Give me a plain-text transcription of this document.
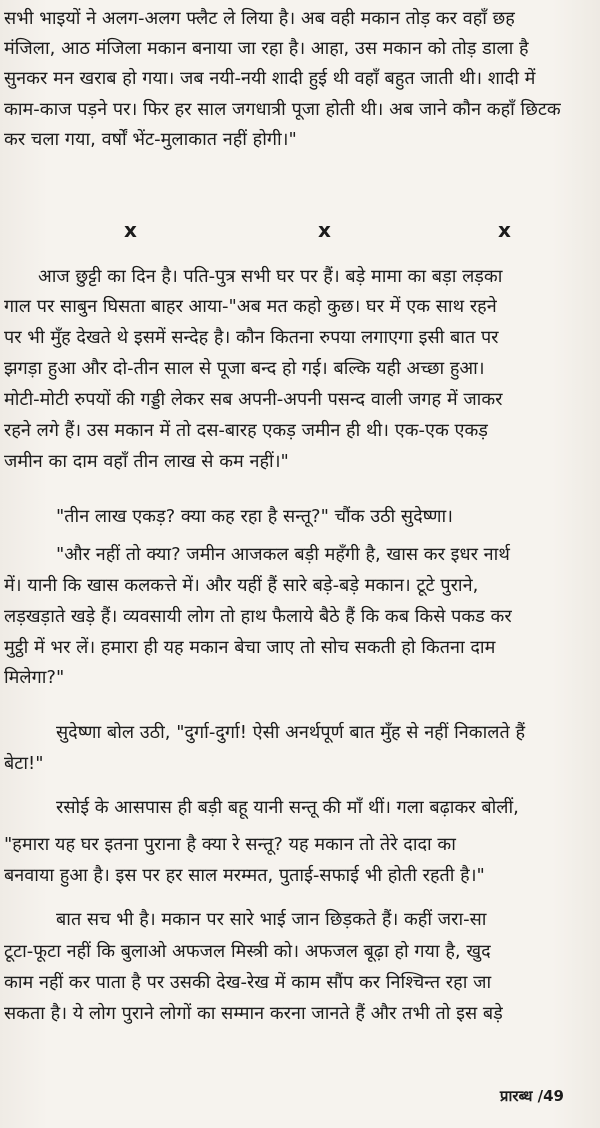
सभी भाइयों ने अलग-अलग फ्लैट ले लिया है। अब वही मकान तोड़ कर वहाँ छह
मंजिला, आठ मंजिला मकान बनाया जा रहा है। आहा, उस मकान को तोड़ डाला है
सुनकर मन खराब हो गया। जब नयी-नयी शादी हुई थी वहाँ बहुत जाती थी। शादी में
काम-काज पड़ने पर। फिर हर साल जगधात्री पूजा होती थी। अब जाने कौन कहाँ छिटक
कर चला गया, वर्षों भेंट-मुलाकात नहीं होगी।"
x	x	x
आज छुट्टी का दिन है। पति-पुत्र सभी घर पर हैं। बड़े मामा का बड़ा लड़का
गाल पर साबुन घिसता बाहर आया-"अब मत कहो कुछ। घर में एक साथ रहने
पर भी मुँह देखते थे इसमें सन्देह है। कौन कितना रुपया लगाएगा इसी बात पर
झगड़ा हुआ और दो-तीन साल से पूजा बन्द हो गई। बल्कि यही अच्छा हुआ।
मोटी-मोटी रुपयों की गड्डी लेकर सब अपनी-अपनी पसन्द वाली जगह में जाकर
रहने लगे हैं। उस मकान में तो दस-बारह एकड़ जमीन ही थी। एक-एक एकड़
जमीन का दाम वहाँ तीन लाख से कम नहीं।"
"तीन लाख एकड़? क्या कह रहा है सन्तू?" चौंक उठी सुदेष्णा।
"और नहीं तो क्या? जमीन आजकल बड़ी महँगी है, खास कर इधर नार्थ
में। यानी कि खास कलकत्ते में। और यहीं हैं सारे बड़े-बड़े मकान। टूटे पुराने,
लड़खड़ाते खड़े हैं। व्यवसायी लोग तो हाथ फैलाये बैठे हैं कि कब किसे पकड कर
मुट्ठी में भर लें। हमारा ही यह मकान बेचा जाए तो सोच सकती हो कितना दाम
मिलेगा?"
सुदेष्णा बोल उठी, "दुर्गा-दुर्गा! ऐसी अनर्थपूर्ण बात मुँह से नहीं निकालते हैं
बेटा!"
रसोई के आसपास ही बड़ी बहू यानी सन्तू की माँ थीं। गला बढ़ाकर बोलीं,
"हमारा यह घर इतना पुराना है क्या रे सन्तू? यह मकान तो तेरे दादा का
बनवाया हुआ है। इस पर हर साल मरम्मत, पुताई-सफाई भी होती रहती है।"
बात सच भी है। मकान पर सारे भाई जान छिड़कते हैं। कहीं जरा-सा
टूटा-फूटा नहीं कि बुलाओ अफजल मिस्त्री को। अफजल बूढ़ा हो गया है, खुद
काम नहीं कर पाता है पर उसकी देख-रेख में काम सौंप कर निश्चिन्त रहा जा
सकता है। ये लोग पुराने लोगों का सम्मान करना जानते हैं और तभी तो इस बड़े
प्रारब्ध /49
